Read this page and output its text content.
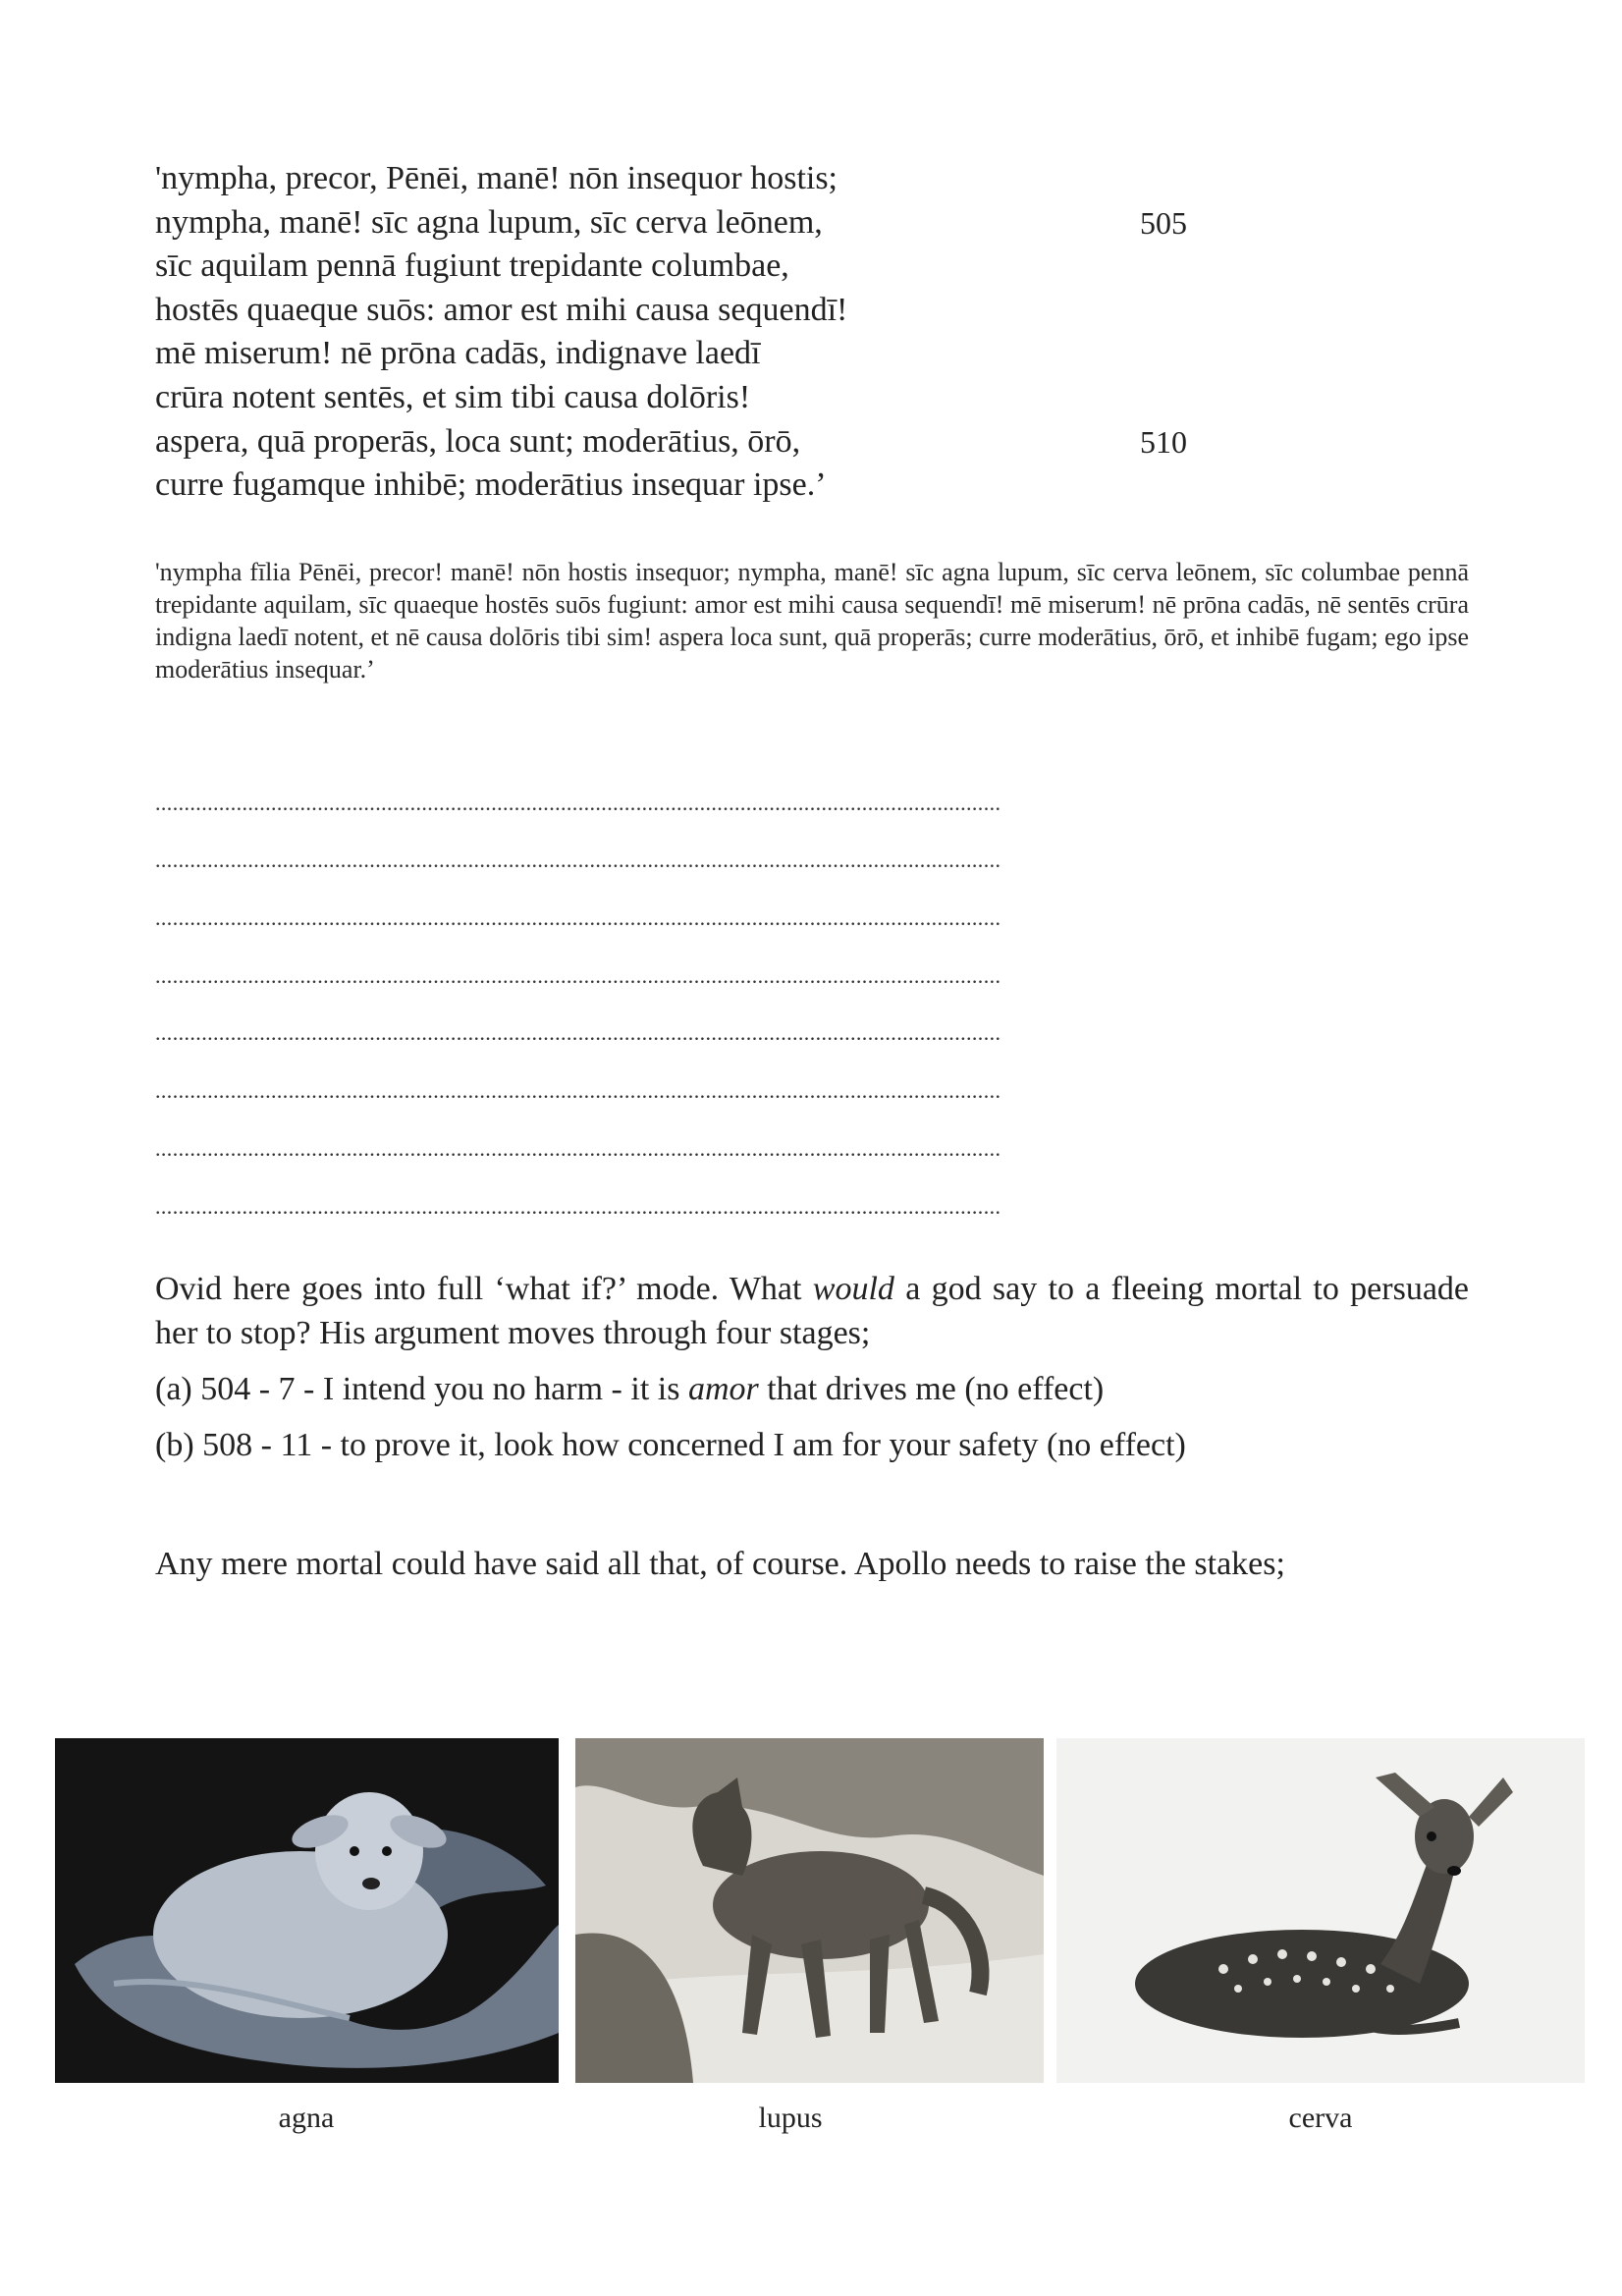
'nympha, precor, Pēnēi, manē! nōn insequor hostis;
nympha, manē! sīc agna lupum, sīc cerva leōnem,	505
sīc aquilam pennā fugiunt trepidante columbae,
hostēs quaeque suōs: amor est mihi causa sequendī!
mē miserum! nē prōna cadās, indignave laedī
crūra notent sentēs, et sim tibi causa dolōris!
aspera, quā properās, loca sunt; moderātius, ōrō,	510
curre fugamque inhibē; moderātius insequar ipse.’
'nympha fīlia Pēnēi, precor! manē! nōn hostis insequor; nympha, manē! sīc agna lupum, sīc cerva leōnem, sīc columbae pennā trepidante aquilam, sīc quaeque hostēs suōs fugiunt: amor est mihi causa sequendī! mē miserum! nē prōna cadās, nē sentēs crūra indigna laedī notent, et nē causa dolōris tibi sim! aspera loca sunt, quā properās; curre moderātius, ōrō, et inhibē fugam; ego ipse moderātius insequar.’
..................................................................................................................................................
..................................................................................................................................................
..................................................................................................................................................
..................................................................................................................................................
..................................................................................................................................................
..................................................................................................................................................
..................................................................................................................................................
..................................................................................................................................................

Ovid here goes into full ‘what if?’ mode. What would a god say to a fleeing mortal to persuade her to stop? His argument moves through four stages;

(a) 504 - 7 - I intend you no harm - it is amor that drives me (no effect)

(b) 508 - 11 - to prove it, look how concerned I am for your safety (no effect)

Any mere mortal could have said all that, of course. Apollo needs to raise the stakes;
agna	lupus	cerva
